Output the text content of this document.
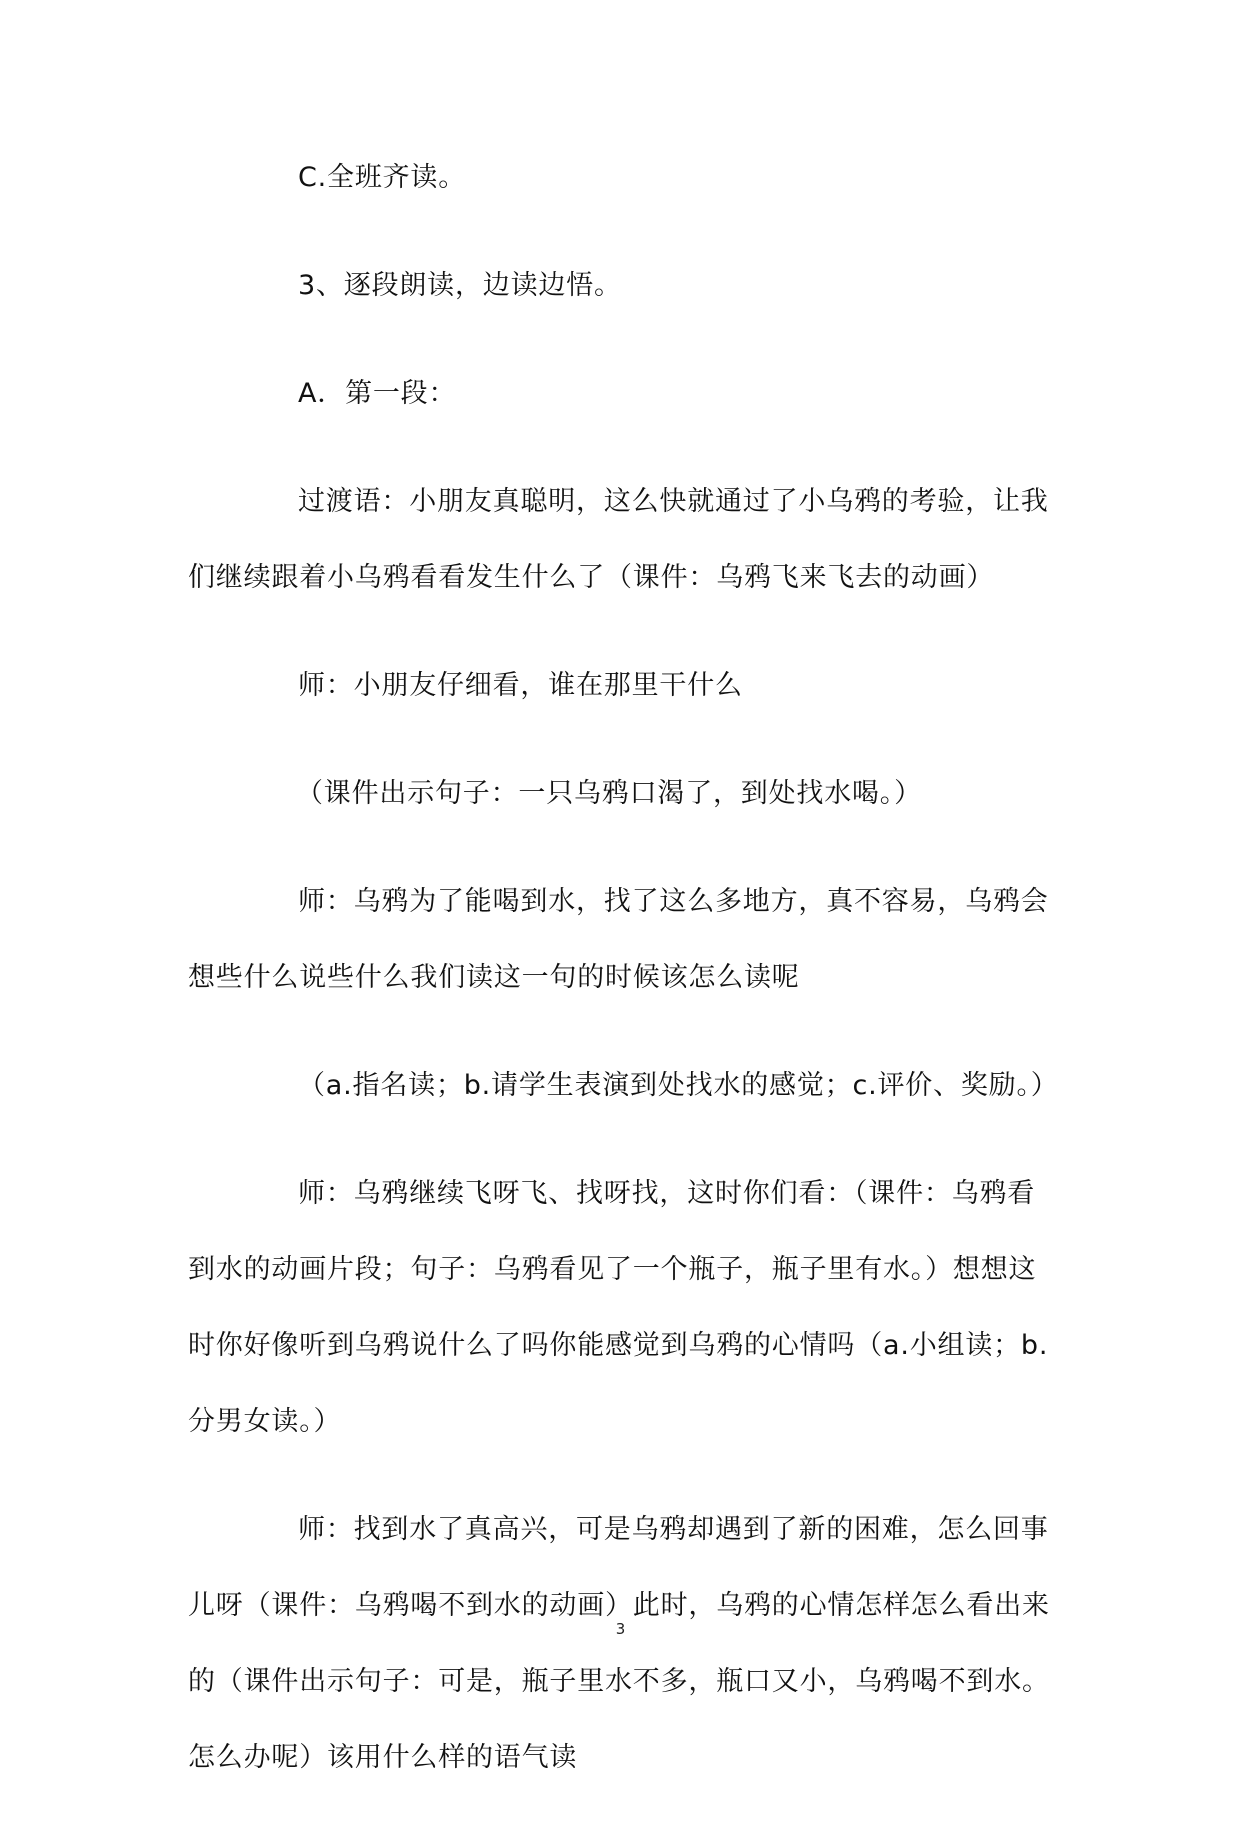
C.全班齐读。

3、逐段朗读，边读边悟。

A．第一段：

过渡语：小朋友真聪明，这么快就通过了小乌鸦的考验，让我们继续跟着小乌鸦看看发生什么了（课件：乌鸦飞来飞去的动画）

师：小朋友仔细看，谁在那里干什么

（课件出示句子：一只乌鸦口渴了，到处找水喝。）

师：乌鸦为了能喝到水，找了这么多地方，真不容易，乌鸦会想些什么说些什么我们读这一句的时候该怎么读呢

（a.指名读；b.请学生表演到处找水的感觉；c.评价、奖励。）

师：乌鸦继续飞呀飞、找呀找，这时你们看：（课件：乌鸦看到水的动画片段；句子：乌鸦看见了一个瓶子，瓶子里有水。）想想这时你好像听到乌鸦说什么了吗你能感觉到乌鸦的心情吗（a.小组读；b.分男女读。）

师：找到水了真高兴，可是乌鸦却遇到了新的困难，怎么回事儿呀（课件：乌鸦喝不到水的动画）此时，乌鸦的心情怎样怎么看出来的（课件出示句子：可是，瓶子里水不多，瓶口又小，乌鸦喝不到水。怎么办呢）该用什么样的语气读

3
